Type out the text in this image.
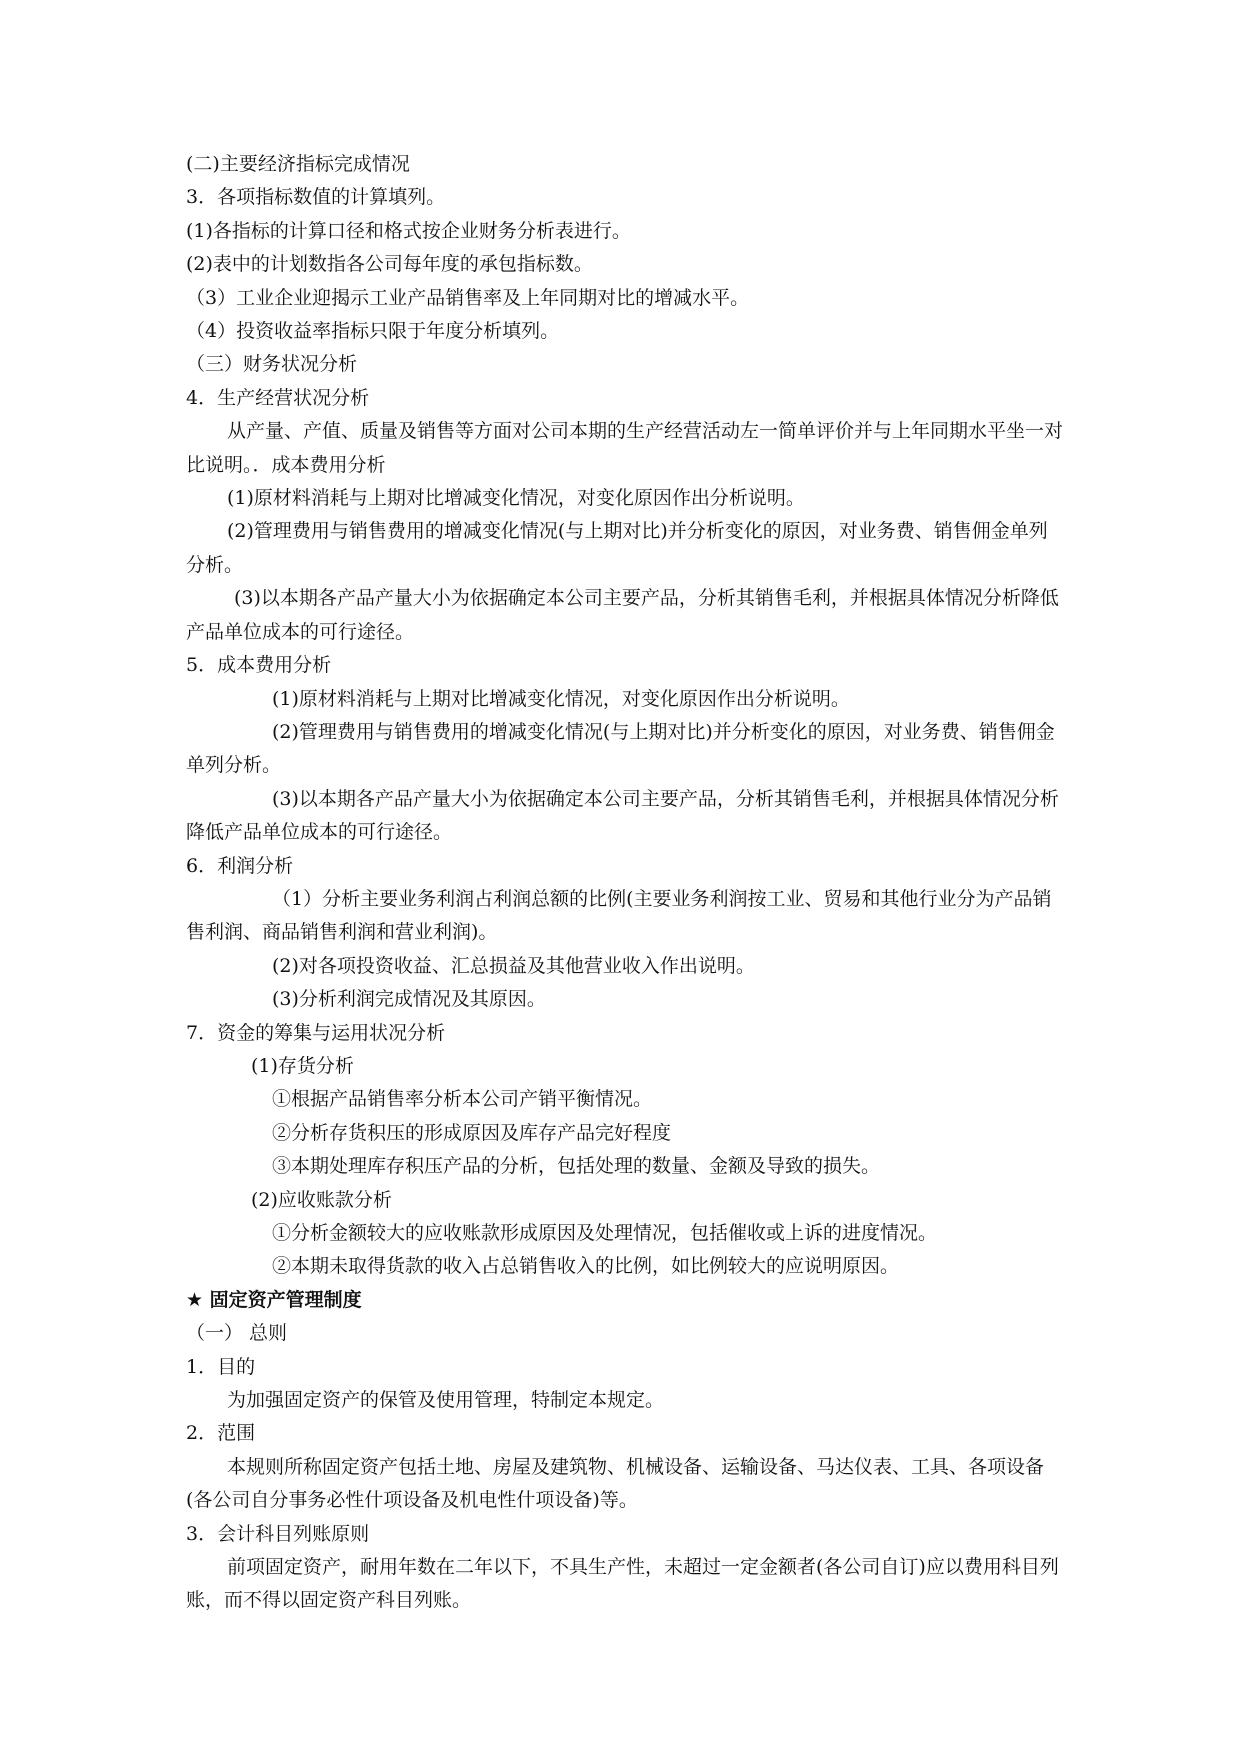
(二)主要经济指标完成情况

3．各项指标数值的计算填列。

(1)各指标的计算口径和格式按企业财务分析表进行。

(2)表中的计划数指各公司每年度的承包指标数。

（3）工业企业迎揭示工业产品销售率及上年同期对比的增减水平。

（4）投资收益率指标只限于年度分析填列。

（三）财务状况分析

4．生产经营状况分析

从产量、产值、质量及销售等方面对公司本期的生产经营活动左一简单评价并与上年同期水平坐一对比说明。．成本费用分析

(1)原材料消耗与上期对比增减变化情况，对变化原因作出分析说明。

(2)管理费用与销售费用的增减变化情况(与上期对比)并分析变化的原因，对业务费、销售佣金单列分析。

(3)以本期各产品产量大小为依据确定本公司主要产品，分析其销售毛利，并根据具体情况分析降低产品单位成本的可行途径。

5．成本费用分析

(1)原材料消耗与上期对比增减变化情况，对变化原因作出分析说明。

(2)管理费用与销售费用的增减变化情况(与上期对比)并分析变化的原因，对业务费、销售佣金单列分析。

(3)以本期各产品产量大小为依据确定本公司主要产品，分析其销售毛利，并根据具体情况分析降低产品单位成本的可行途径。

6．利润分析

（1）分析主要业务利润占利润总额的比例(主要业务利润按工业、贸易和其他行业分为产品销售利润、商品销售利润和营业利润)。

(2)对各项投资收益、汇总损益及其他营业收入作出说明。

(3)分析利润完成情况及其原因。

7．资金的筹集与运用状况分析

(1)存货分析

①根据产品销售率分析本公司产销平衡情况。

②分析存货积压的形成原因及库存产品完好程度

③本期处理库存积压产品的分析，包括处理的数量、金额及导致的损失。

(2)应收账款分析

①分析金额较大的应收账款形成原因及处理情况，包括催收或上诉的进度情况。

②本期未取得货款的收入占总销售收入的比例，如比例较大的应说明原因。

★ 固定资产管理制度

（一） 总则

1．目的

为加强固定资产的保管及使用管理，特制定本规定。

2．范围

本规则所称固定资产包括土地、房屋及建筑物、机械设备、运输设备、马达仪表、工具、各项设备(各公司自分事务必性什项设备及机电性什项设备)等。

3．会计科目列账原则

前项固定资产，耐用年数在二年以下，不具生产性，未超过一定金额者(各公司自订)应以费用科目列账，而不得以固定资产科目列账。
